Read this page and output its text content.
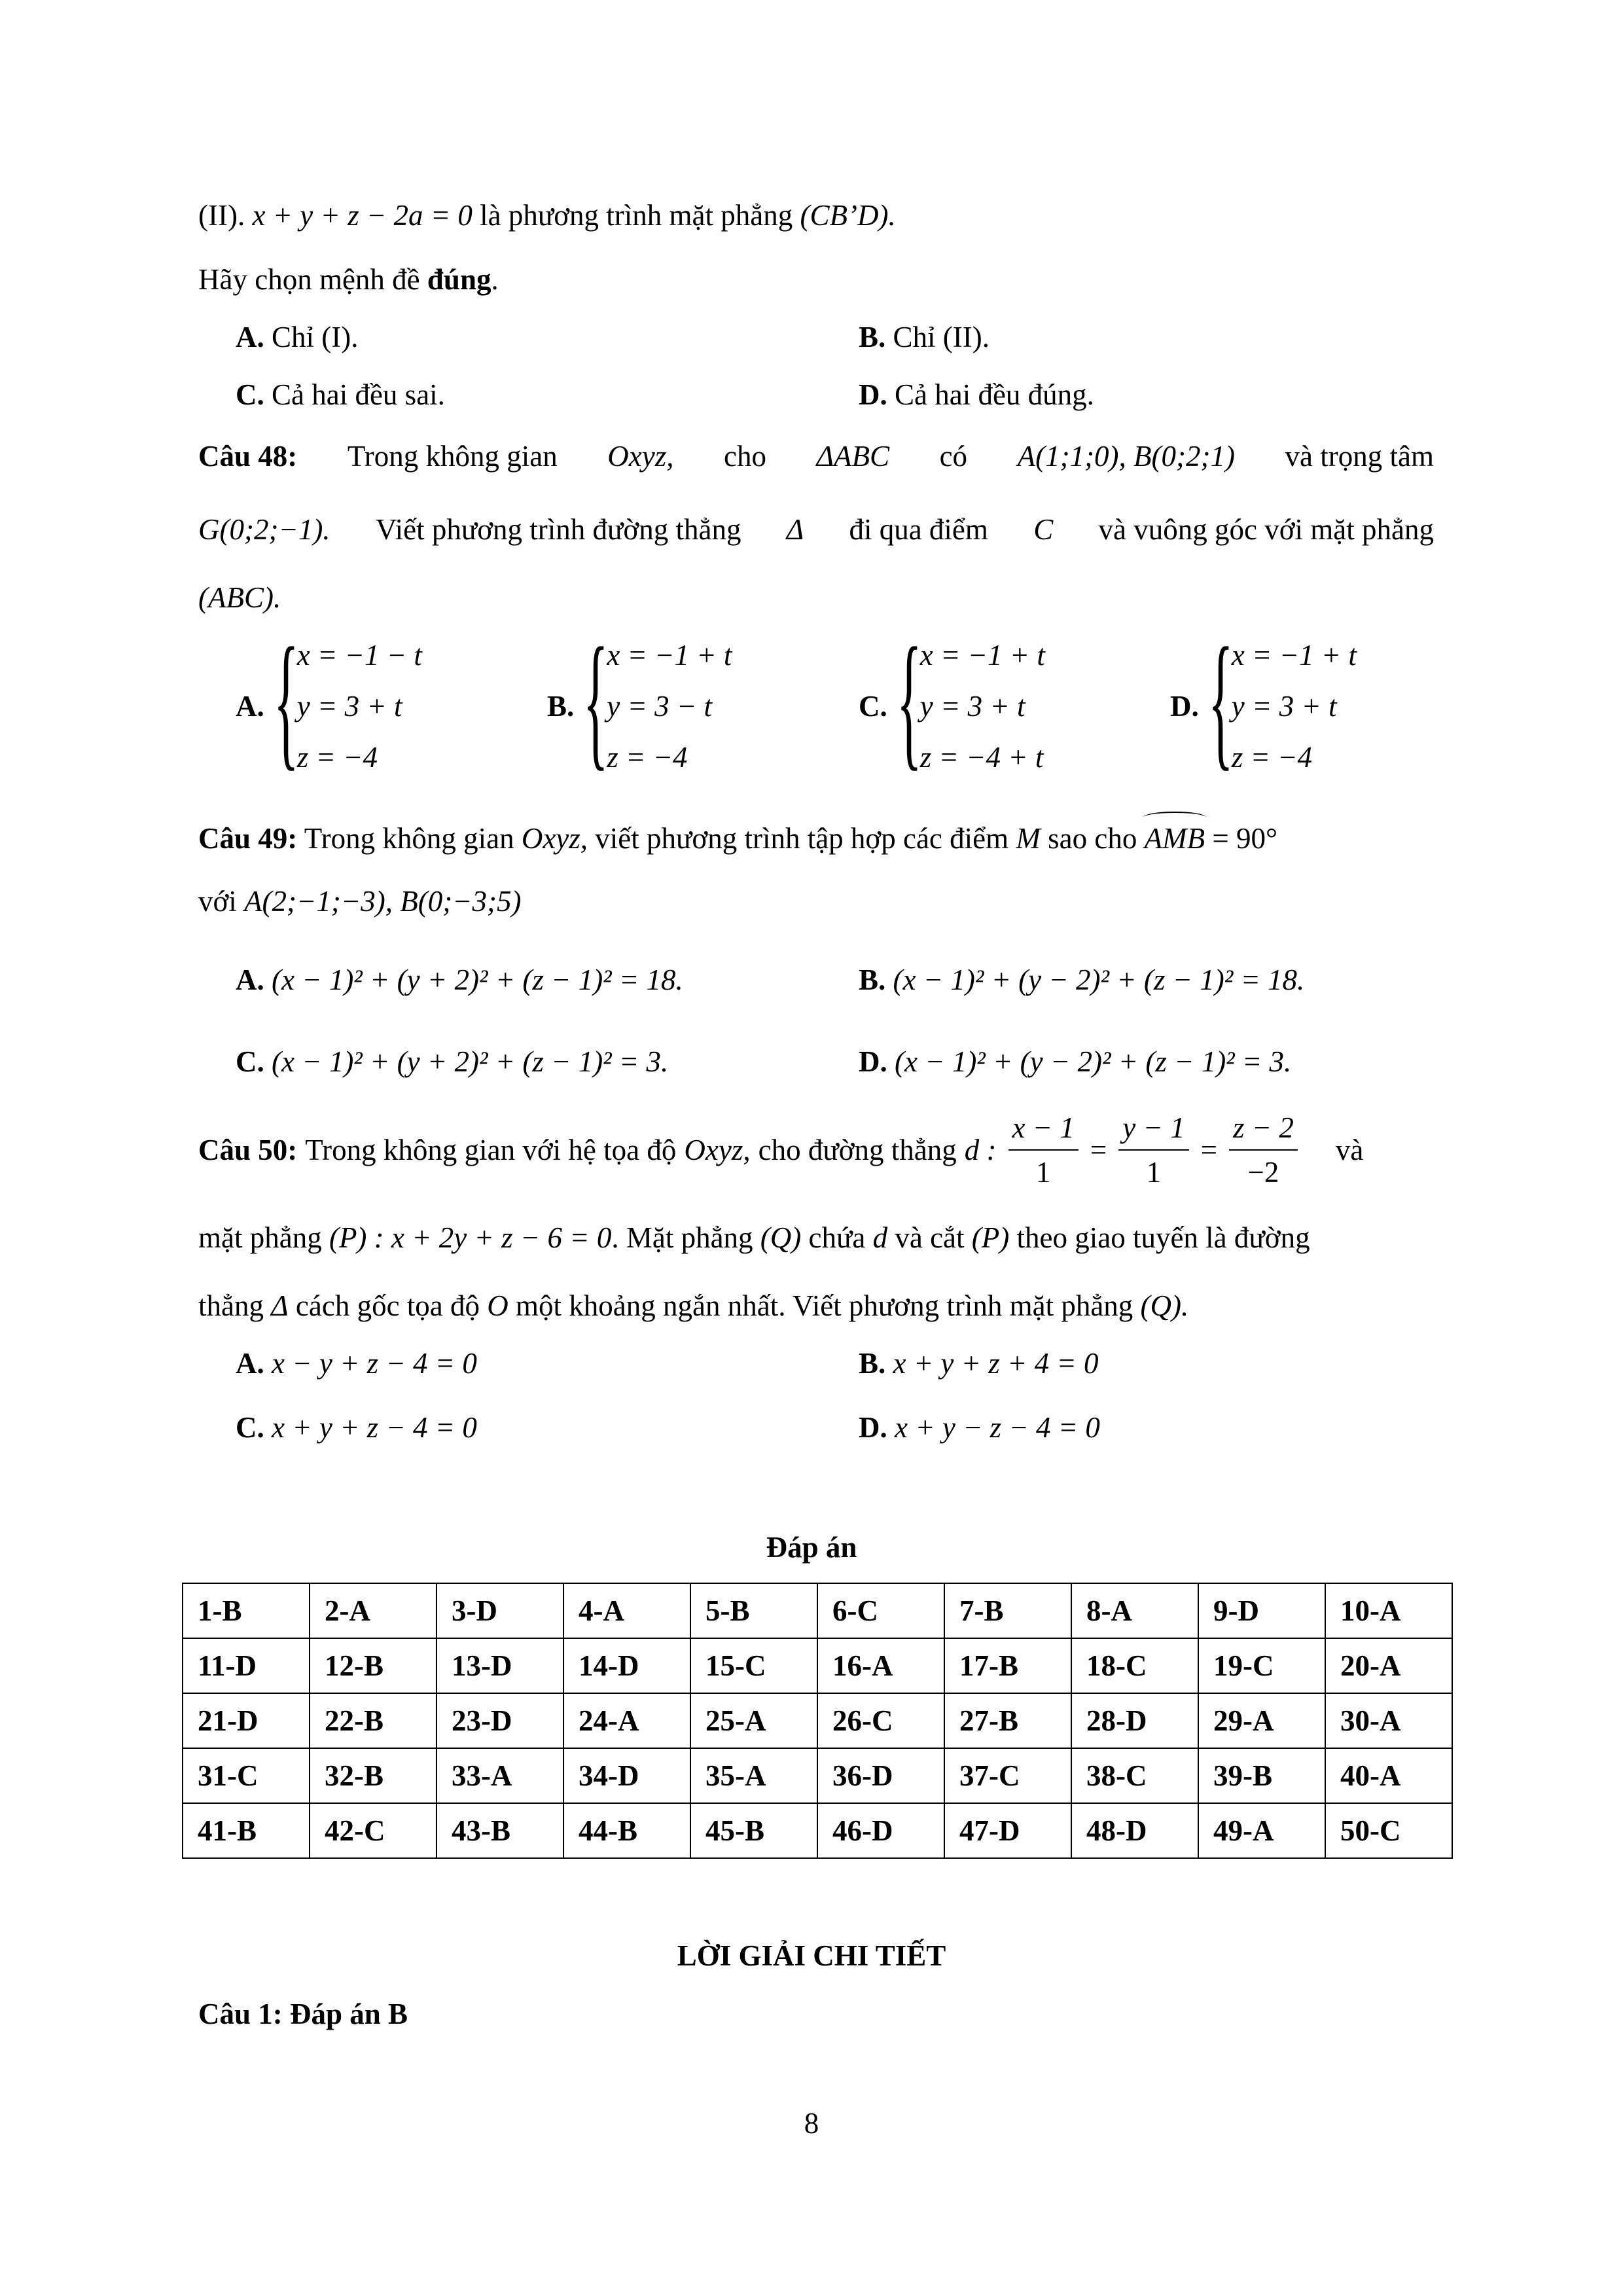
(II). x + y + z − 2a = 0 là phương trình mặt phẳng (CB’D).
Hãy chọn mệnh đề đúng.
A. Chỉ (I).	B. Chỉ (II).
C. Cả hai đều sai.	D. Cả hai đều đúng.
Câu 48: Trong không gian Oxyz, cho ΔABC có A(1;1;0), B(0;2;1) và trọng tâm
G(0;2;−1). Viết phương trình đường thẳng Δ đi qua điểm C và vuông góc với mặt phẳng
(ABC).
A. {
x = −1 − t
y = 3 + t
z = −4
B. {
x = −1 + t
y = 3 − t
z = −4
C. {
x = −1 + t
y = 3 + t
z = −4 + t
D. {
x = −1 + t
y = 3 + t
z = −4
Câu 49: Trong không gian Oxyz, viết phương trình tập hợp các điểm M sao cho AMB = 90°
với A(2;−1;−3), B(0;−3;5)
A. (x − 1)² + (y + 2)² + (z − 1)² = 18.	B. (x − 1)² + (y − 2)² + (z − 1)² = 18.
C. (x − 1)² + (y + 2)² + (z − 1)² = 3.	D. (x − 1)² + (y − 2)² + (z − 1)² = 3.
Câu 50: Trong không gian với hệ tọa độ Oxyz, cho đường thẳng d : $\frac{x - 1}{1} = \frac{y - 1}{1} = \frac{z - 2}{-2}$ và
mặt phẳng (P) : x + 2y + z − 6 = 0. Mặt phẳng (Q) chứa d và cắt (P) theo giao tuyến là đường
thẳng Δ cách gốc tọa độ O một khoảng ngắn nhất. Viết phương trình mặt phẳng (Q).
A. x − y + z − 4 = 0	B. x + y + z + 4 = 0
C. x + y + z − 4 = 0	D. x + y − z − 4 = 0
Đáp án
1-B	2-A	3-D	4-A	5-B	6-C	7-B	8-A	9-D	10-A
11-D	12-B	13-D	14-D	15-C	16-A	17-B	18-C	19-C	20-A
21-D	22-B	23-D	24-A	25-A	26-C	27-B	28-D	29-A	30-A
31-C	32-B	33-A	34-D	35-A	36-D	37-C	38-C	39-B	40-A
41-B	42-C	43-B	44-B	45-B	46-D	47-D	48-D	49-A	50-C
LỜI GIẢI CHI TIẾT
Câu 1: Đáp án B
8
